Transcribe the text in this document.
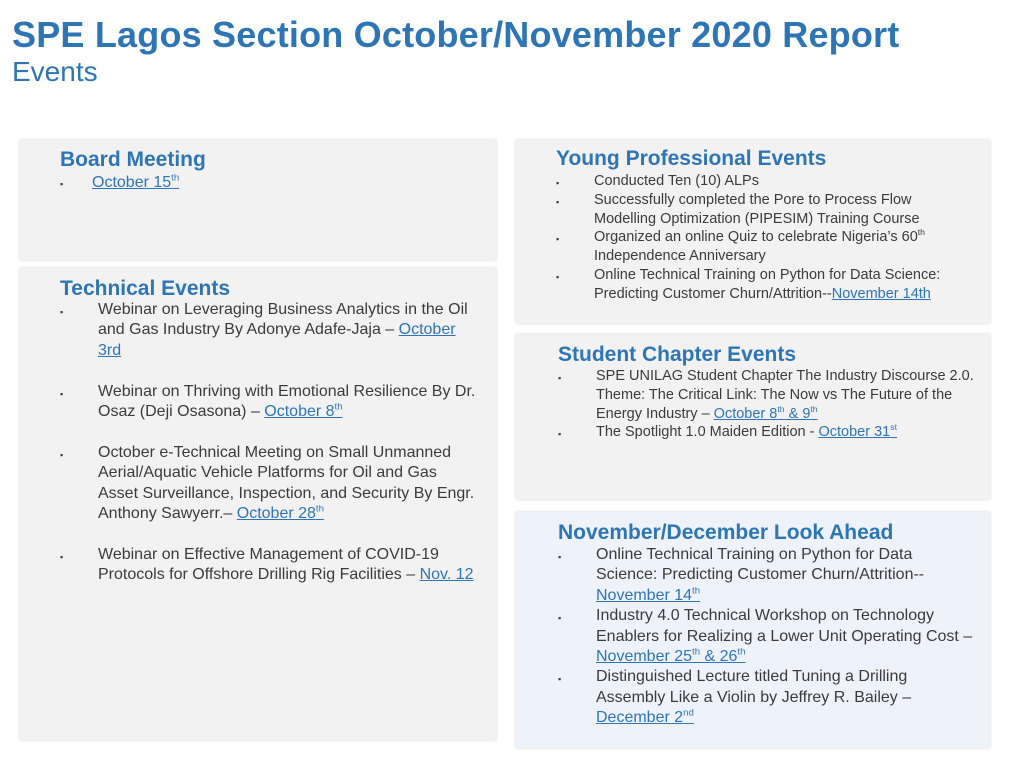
SPE Lagos Section October/November 2020 Report
Events
Board Meeting
▪ October 15th
Technical Events
▪ Webinar on Leveraging Business Analytics in the Oil and Gas Industry By Adonye Adafe-Jaja – October 3rd
▪ Webinar on Thriving with Emotional Resilience By Dr. Osaz (Deji Osasona) – October 8th
▪ October e-Technical Meeting on Small Unmanned Aerial/Aquatic Vehicle Platforms for Oil and Gas Asset Surveillance, Inspection, and Security By Engr. Anthony Sawyerr.– October 28th
▪ Webinar on Effective Management of COVID-19 Protocols for Offshore Drilling Rig Facilities – Nov. 12
Young Professional Events
▪ Conducted Ten (10) ALPs
▪ Successfully completed the Pore to Process Flow Modelling Optimization (PIPESIM) Training Course
▪ Organized an online Quiz to celebrate Nigeria’s 60th Independence Anniversary
▪ Online Technical Training on Python for Data Science: Predicting Customer Churn/Attrition--November 14th
Student Chapter Events
▪ SPE UNILAG Student Chapter The Industry Discourse 2.0. Theme: The Critical Link: The Now vs The Future of the Energy Industry – October 8th & 9th
▪ The Spotlight 1.0 Maiden Edition - October 31st
November/December Look Ahead
▪ Online Technical Training on Python for Data Science: Predicting Customer Churn/Attrition--November 14th
▪ Industry 4.0 Technical Workshop on Technology Enablers for Realizing a Lower Unit Operating Cost – November 25th & 26th
▪ Distinguished Lecture titled Tuning a Drilling Assembly Like a Violin by Jeffrey R. Bailey – December 2nd
